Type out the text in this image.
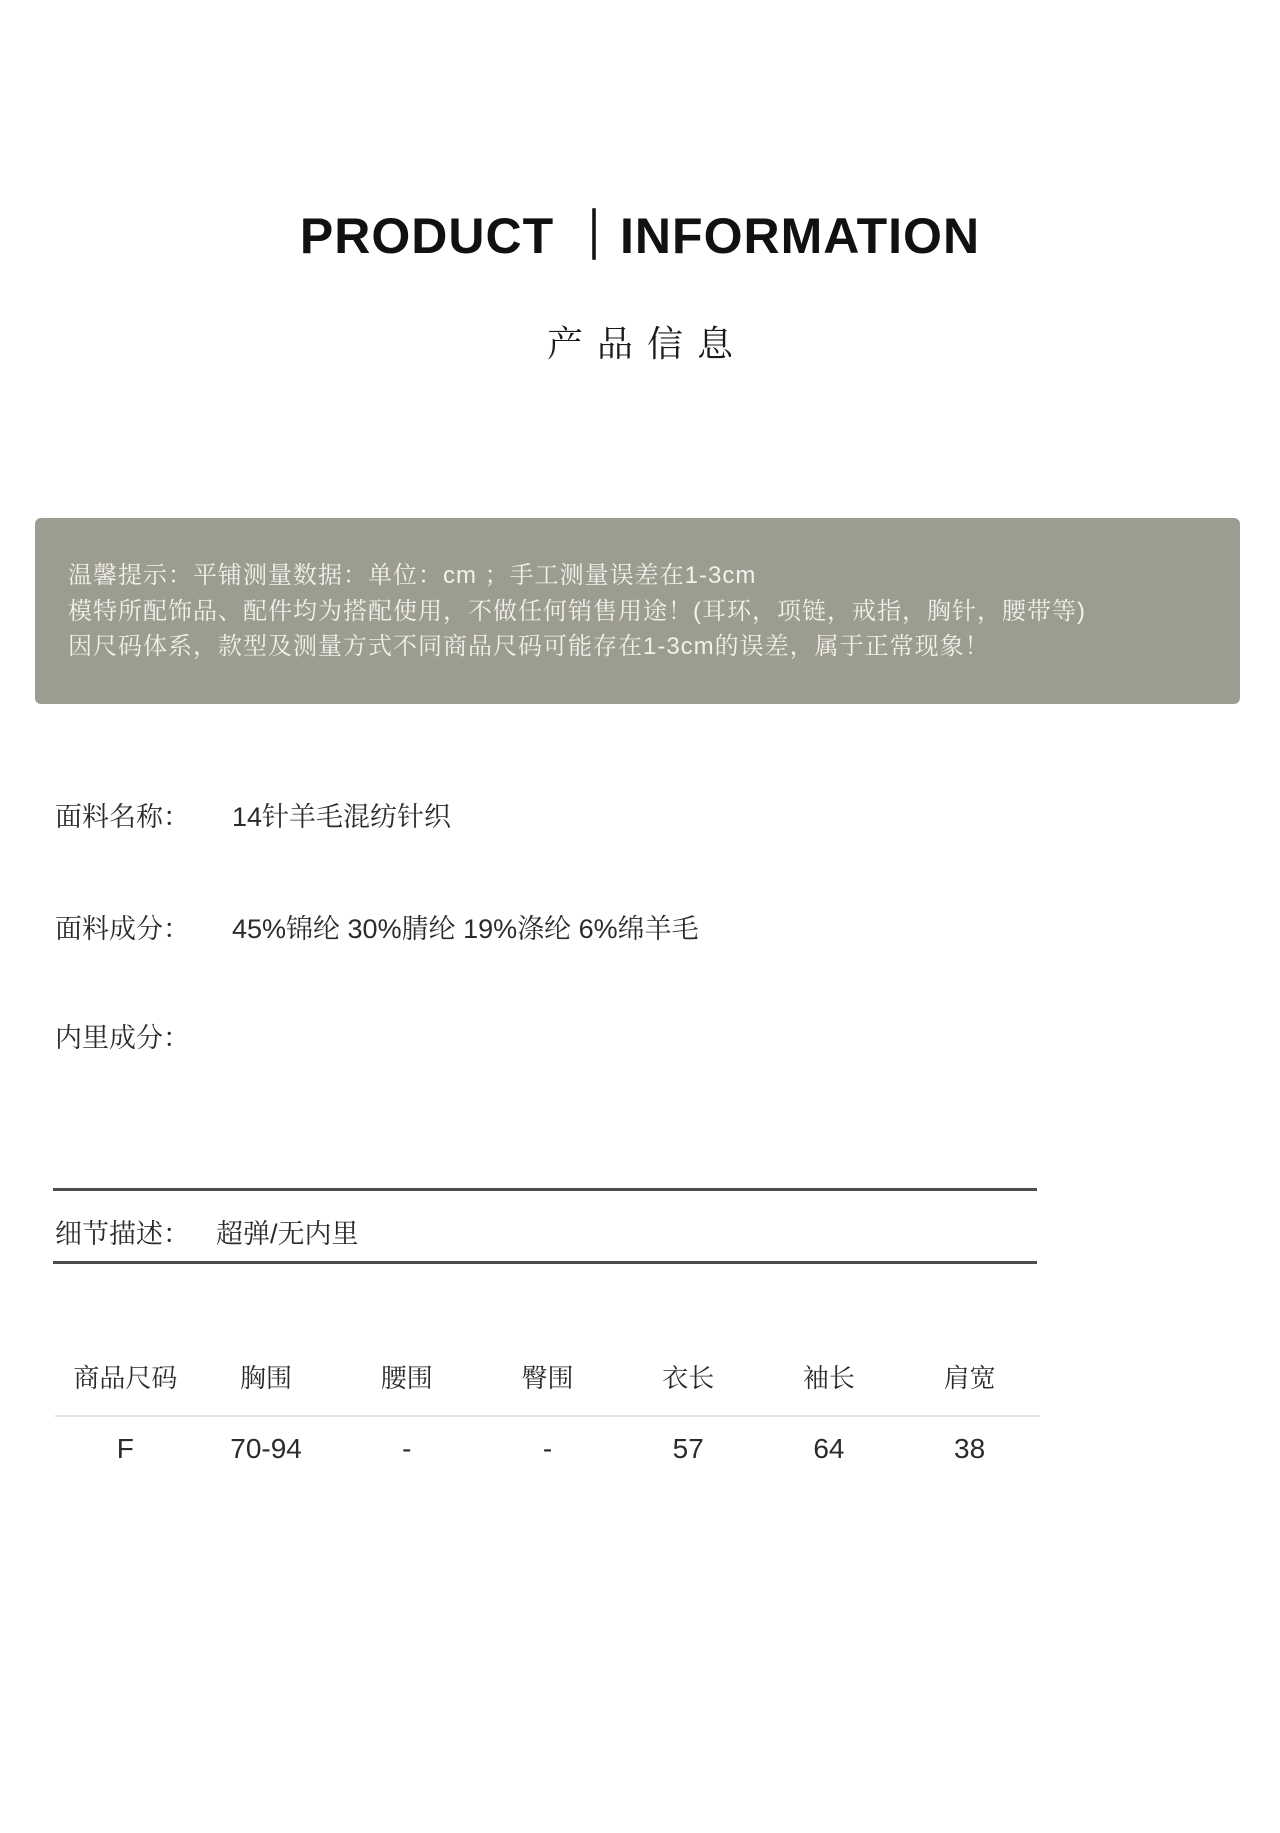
PRODUCT ｜INFORMATION
产品信息
温馨提示：平铺测量数据：单位：cm ；手工测量误差在1-3cm
模特所配饰品、配件均为搭配使用，不做任何销售用途！(耳环，项链，戒指，胸针，腰带等)
因尺码体系，款型及测量方式不同商品尺码可能存在1-3cm的误差，属于正常现象！
面料名称： 14针羊毛混纺针织
面料成分： 45%锦纶 30%腈纶 19%涤纶 6%绵羊毛
内里成分：
细节描述： 超弹/无内里
商品尺码	胸围	腰围	臀围	衣长	袖长	肩宽
F	70-94	-	-	57	64	38
